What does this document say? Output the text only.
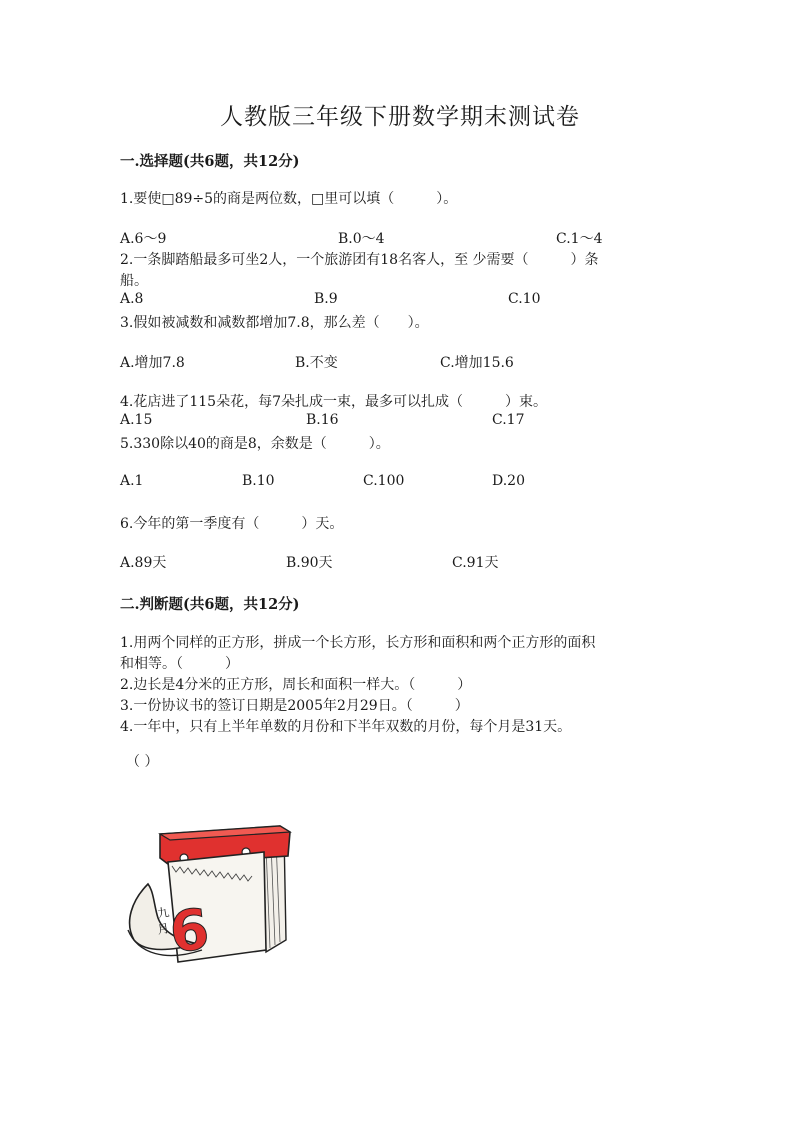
人教版三年级下册数学期末测试卷
一.选择题(共6题，共12分)
1.要使□89÷5的商是两位数，□里可以填（　　　）。
A.6～9	B.0～4	C.1～4
2.一条脚踏船最多可坐2人，一个旅游团有18名客人，至 少需要（　　　）条
船。
A.8	B.9	C.10
3.假如被减数和减数都增加7.8，那么差（　　）。
A.增加7.8	B.不变	C.增加15.6
4.花店进了115朵花，每7朵扎成一束，最多可以扎成（　　　）束。
A.15	B.16	C.17
5.330除以40的商是8，余数是（　　　）。
A.1	B.10	C.100	D.20
6.今年的第一季度有（　　　）天。
A.89天	B.90天	C.91天
二.判断题(共6题，共12分)
1.用两个同样的正方形，拼成一个长方形，长方形和面积和两个正方形的面积
和相等。（　　　）
2.边长是4分米的正方形，周长和面积一样大。（　　　）
3.一份协议书的签订日期是2005年2月29日。（　　　）
4.一年中，只有上半年单数的月份和下半年双数的月份，每个月是31天。
（ ）
九
月
6
